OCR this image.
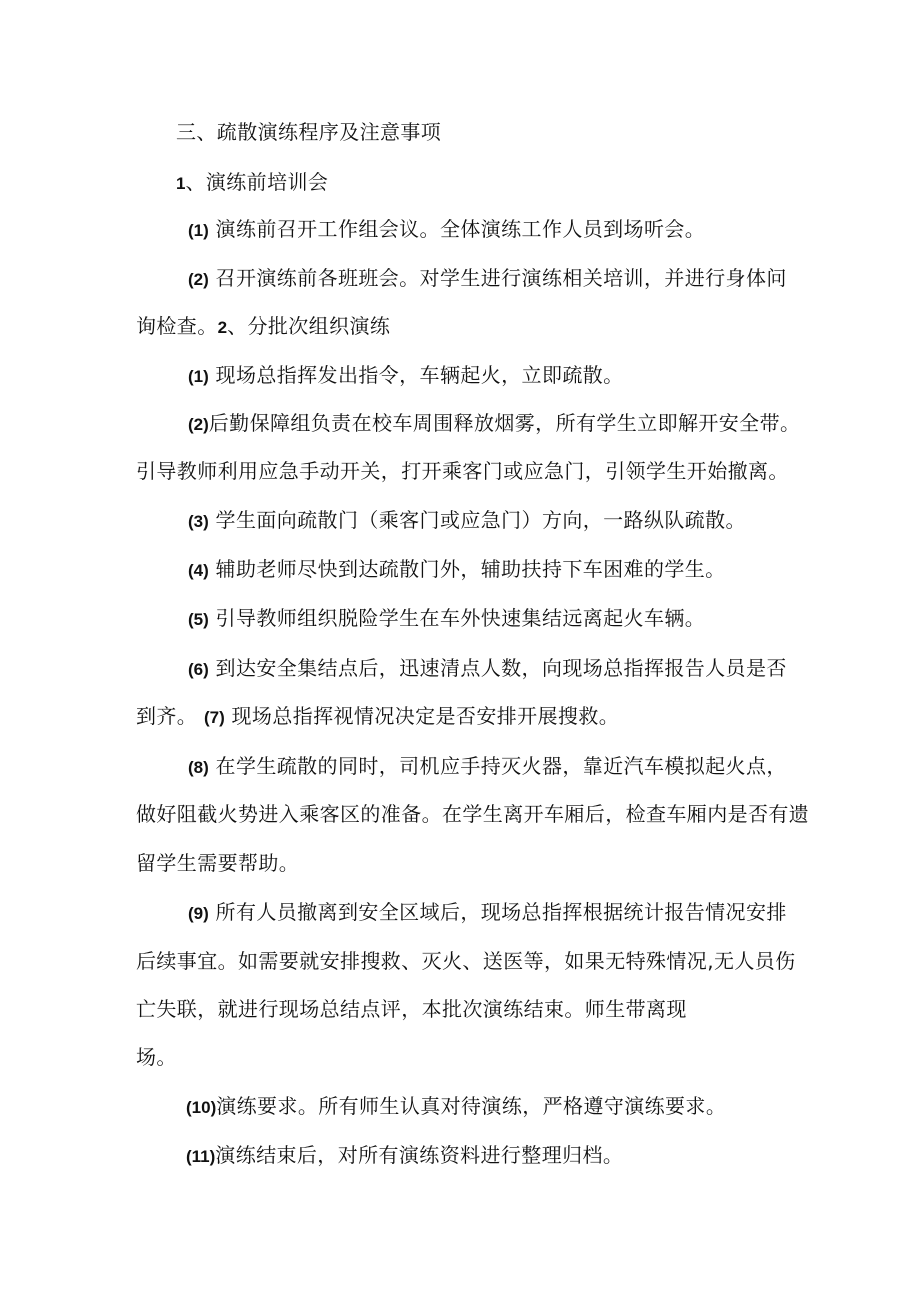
三、疏散演练程序及注意事项
1、演练前培训会
(1) 演练前召开工作组会议。全体演练工作人员到场听会。
(2) 召开演练前各班班会。对学生进行演练相关培训，并进行身体问
询检查。2、分批次组织演练
(1) 现场总指挥发出指令，车辆起火，立即疏散。
(2)后勤保障组负责在校车周围释放烟雾，所有学生立即解开安全带。
引导教师利用应急手动开关，打开乘客门或应急门，引领学生开始撤离。
(3) 学生面向疏散门（乘客门或应急门）方向，一路纵队疏散。
(4) 辅助老师尽快到达疏散门外，辅助扶持下车困难的学生。
(5) 引导教师组织脱险学生在车外快速集结远离起火车辆。
(6) 到达安全集结点后，迅速清点人数，向现场总指挥报告人员是否
到齐。 (7) 现场总指挥视情况决定是否安排开展搜救。
(8) 在学生疏散的同时，司机应手持灭火器，靠近汽车模拟起火点，
做好阻截火势进入乘客区的准备。在学生离开车厢后，检查车厢内是否有遗
留学生需要帮助。
(9) 所有人员撤离到安全区域后，现场总指挥根据统计报告情况安排
后续事宜。如需要就安排搜救、灭火、送医等，如果无特殊情况,无人员伤
亡失联，就进行现场总结点评，本批次演练结束。师生带离现
场。
(10)演练要求。所有师生认真对待演练，严格遵守演练要求。
(11)演练结束后，对所有演练资料进行整理归档。
